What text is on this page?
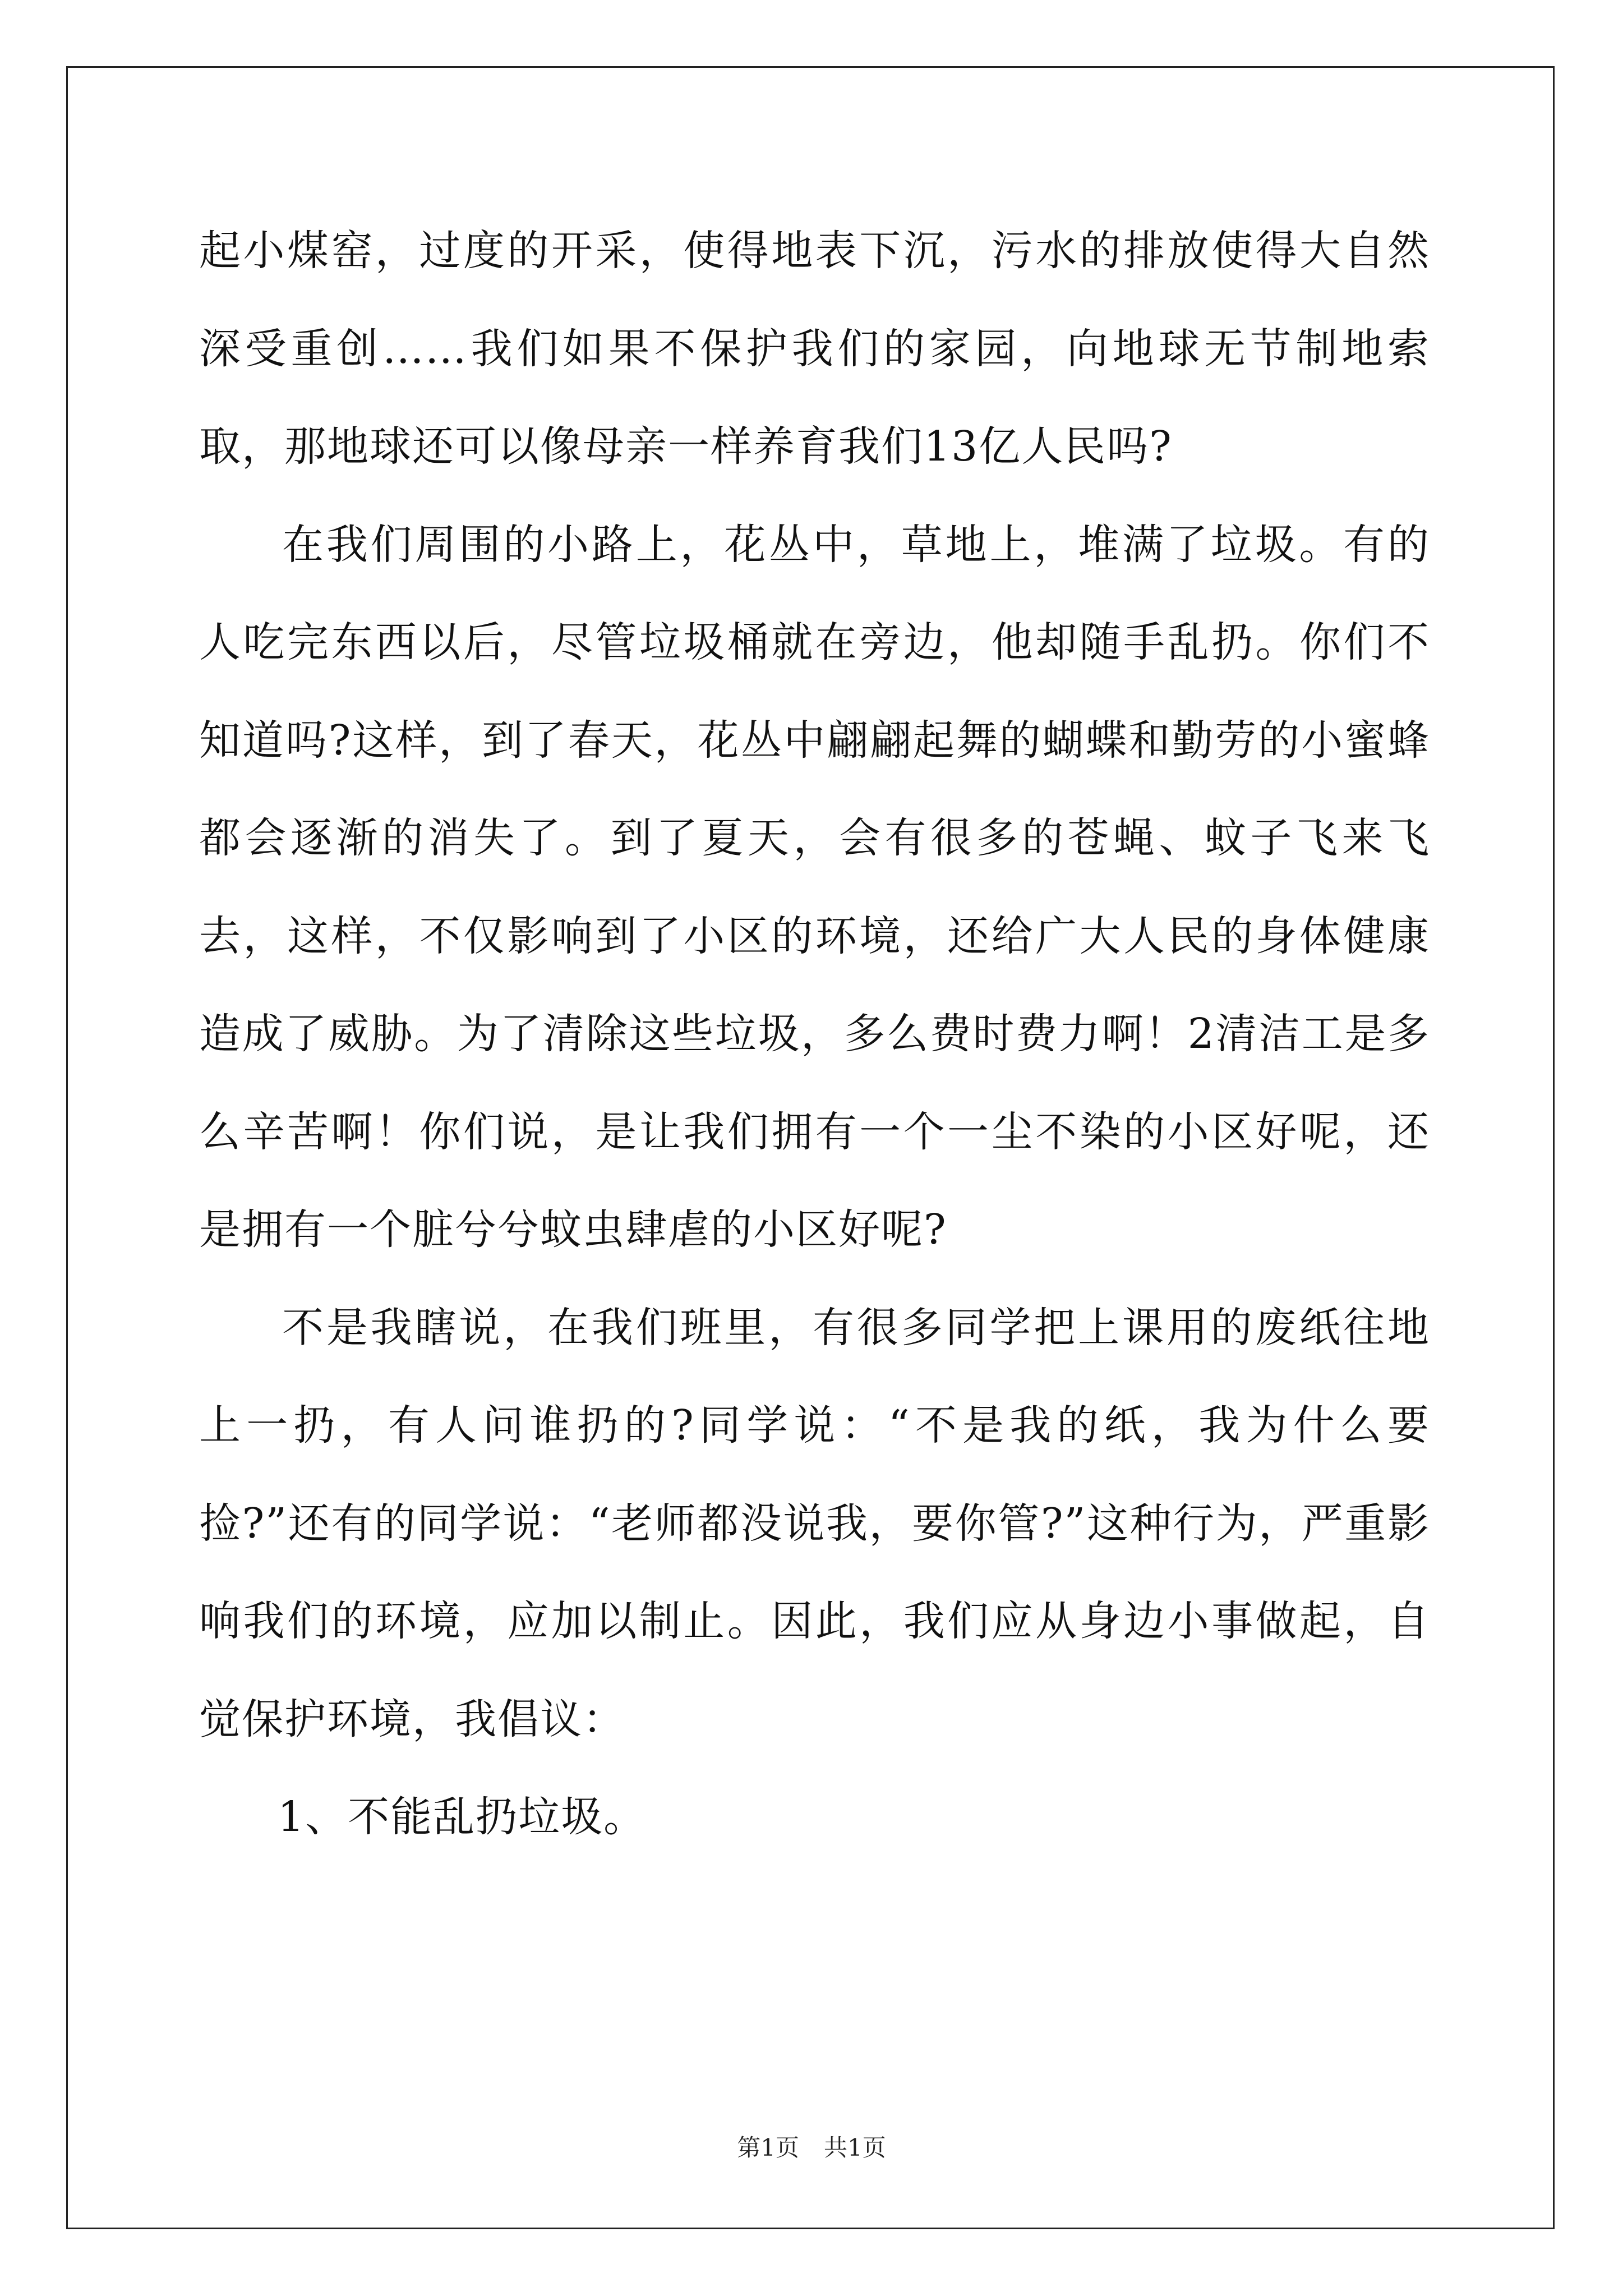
起小煤窑，过度的开采，使得地表下沉，污水的排放使得大自然深受重创……我们如果不保护我们的家园，向地球无节制地索取，那地球还可以像母亲一样养育我们13亿人民吗?

在我们周围的小路上，花丛中，草地上，堆满了垃圾。有的人吃完东西以后，尽管垃圾桶就在旁边，他却随手乱扔。你们不知道吗?这样，到了春天，花丛中翩翩起舞的蝴蝶和勤劳的小蜜蜂都会逐渐的消失了。到了夏天，会有很多的苍蝇、蚊子飞来飞去，这样，不仅影响到了小区的环境，还给广大人民的身体健康造成了威胁。为了清除这些垃圾，多么费时费力啊！2清洁工是多么辛苦啊！你们说，是让我们拥有一个一尘不染的小区好呢，还是拥有一个脏兮兮蚊虫肆虐的小区好呢?

不是我瞎说，在我们班里，有很多同学把上课用的废纸往地上一扔，有人问谁扔的?同学说：“不是我的纸，我为什么要捡?”还有的同学说：“老师都没说我，要你管?”这种行为，严重影响我们的环境，应加以制止。因此，我们应从身边小事做起，自觉保护环境，我倡议：

1、不能乱扔垃圾。

第1页 共1页
